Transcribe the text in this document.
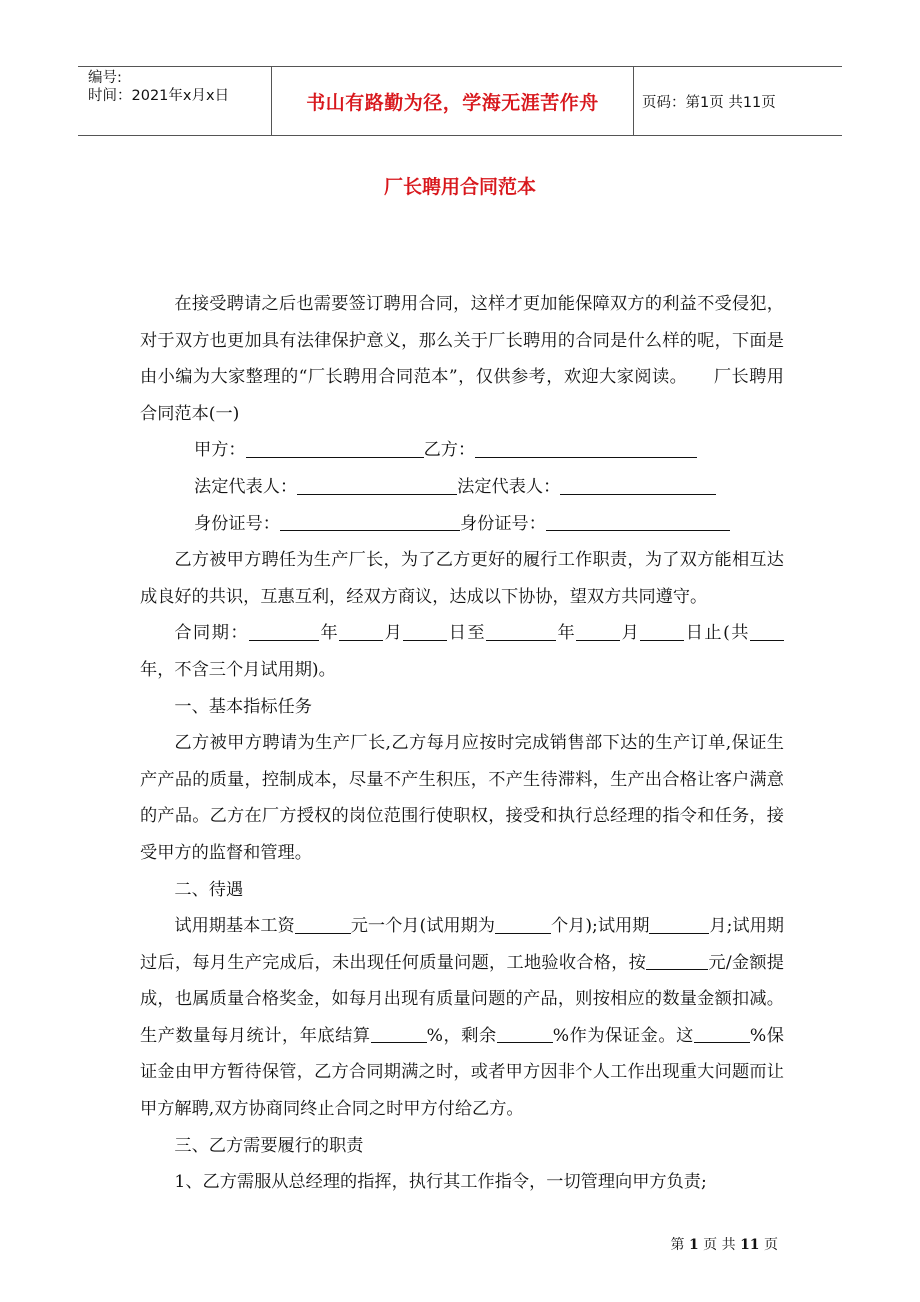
编号:
时间：2021年x月x日	书山有路勤为径，学海无涯苦作舟	页码：第1页 共11页
厂长聘用合同范本

在接受聘请之后也需要签订聘用合同，这样才更加能保障双方的利益不受侵犯，对于双方也更加具有法律保护意义，那么关于厂长聘用的合同是什么样的呢，下面是由小编为大家整理的“厂长聘用合同范本”，仅供参考，欢迎大家阅读。　　 厂长聘用合同范本(一)

甲方：	乙方：

法定代表人：	法定代表人：

身份证号：	身份证号：

乙方被甲方聘任为生产厂长，为了乙方更好的履行工作职责，为了双方能相互达成良好的共识，互惠互利，经双方商议，达成以下协协，望双方共同遵守。

合同期：	年	月	日至	年	月	日止(共年，不含三个月试用期)。

一、基本指标任务

乙方被甲方聘请为生产厂长,乙方每月应按时完成销售部下达的生产订单,保证生产产品的质量，控制成本，尽量不产生积压，不产生待滞料，生产出合格让客户满意的产品。乙方在厂方授权的岗位范围行使职权，接受和执行总经理的指令和任务，接受甲方的监督和管理。

二、待遇

试用期基本工资	元一个月(试用期为	个月);试用期	月;试用期过后，每月生产完成后，未出现任何质量问题，工地验收合格，按	元/金额提成，也属质量合格奖金，如每月出现有质量问题的产品，则按相应的数量金额扣减。生产数量每月统计，年底结算	%，剩余	%作为保证金。这	%保证金由甲方暂待保管，乙方合同期满之时，或者甲方因非个人工作出现重大问题而让甲方解聘,双方协商同终止合同之时甲方付给乙方。

三、乙方需要履行的职责

1、乙方需服从总经理的指挥，执行其工作指令，一切管理向甲方负责;

第 1 页 共 11 页
